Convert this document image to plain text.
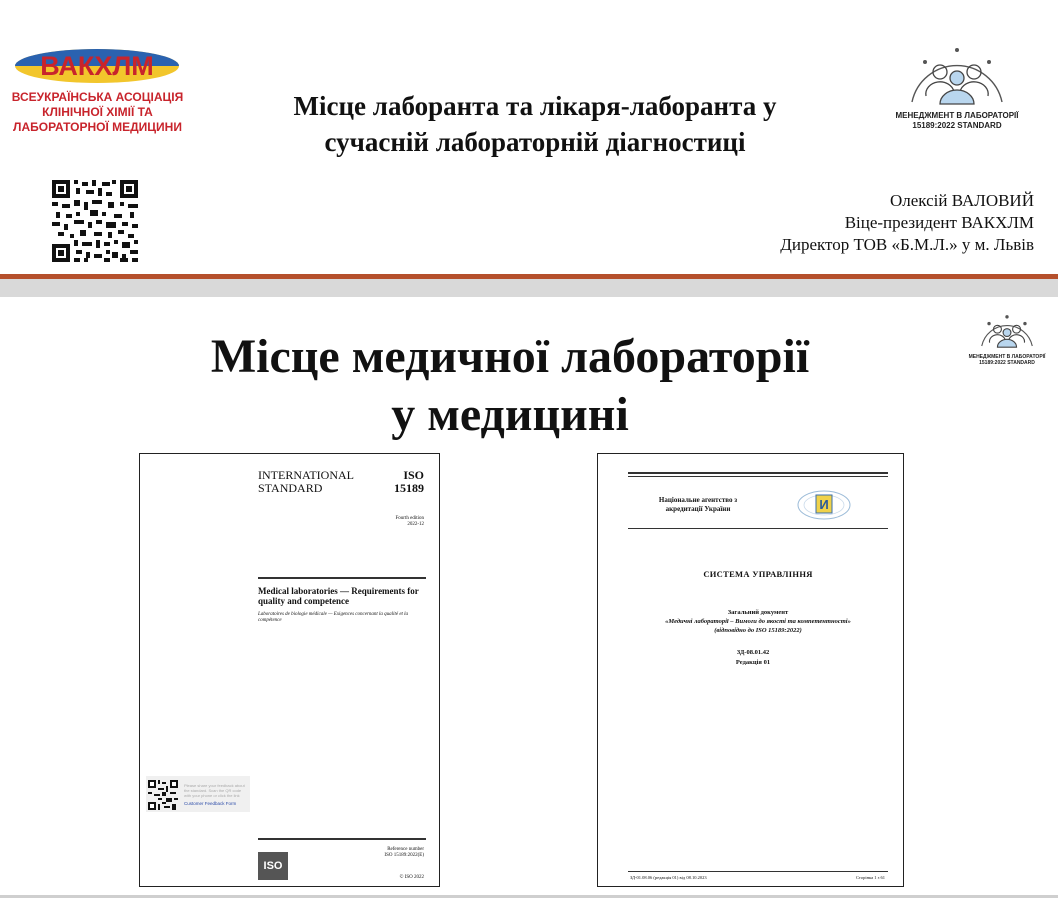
ВАКХЛМ
ВСЕУКРАЇНСЬКА АСОЦІАЦІЯ
КЛІНІЧНОЇ ХІМІЇ ТА
ЛАБОРАТОРНОЇ МЕДИЦИНИ
Місце лаборанта та лікаря-лаборанта у
сучасній лабораторній діагностиці
МЕНЕДЖМЕНТ В ЛАБОРАТОРІЇ
15189:2022 STANDARD
Олексій ВАЛОВИЙ
Віце-президент ВАКХЛМ
Директор ТОВ «Б.М.Л.» у м. Львів
Місце медичної лабораторії
у медицині
МЕНЕДЖМЕНТ В ЛАБОРАТОРІЇ
15189:2022 STANDARD
INTERNATIONAL
STANDARD
ISO
15189
Fourth edition
2022-12
Medical laboratories — Requirements for quality and competence
Laboratoires de biologie médicale — Exigences concernant la qualité et la compétence
Please share your feedback about the standard. Scan the QR code with your phone or click the link
Customer Feedback Form
ISO
Reference number
ISO 15189:2022(E)
© ISO 2022
Національне агентство з
акредитації України	И
СИСТЕМА УПРАВЛІННЯ
Загальний документ
«Медичні лабораторії – Вимоги до якості та компетентності»
(відповідно до ISO 15189:2022)
ЗД-08.01.42
Редакція 01
ЗД-01.08.06 (редакція 01) від 08.10.2023	Сторінка 1 з 61
